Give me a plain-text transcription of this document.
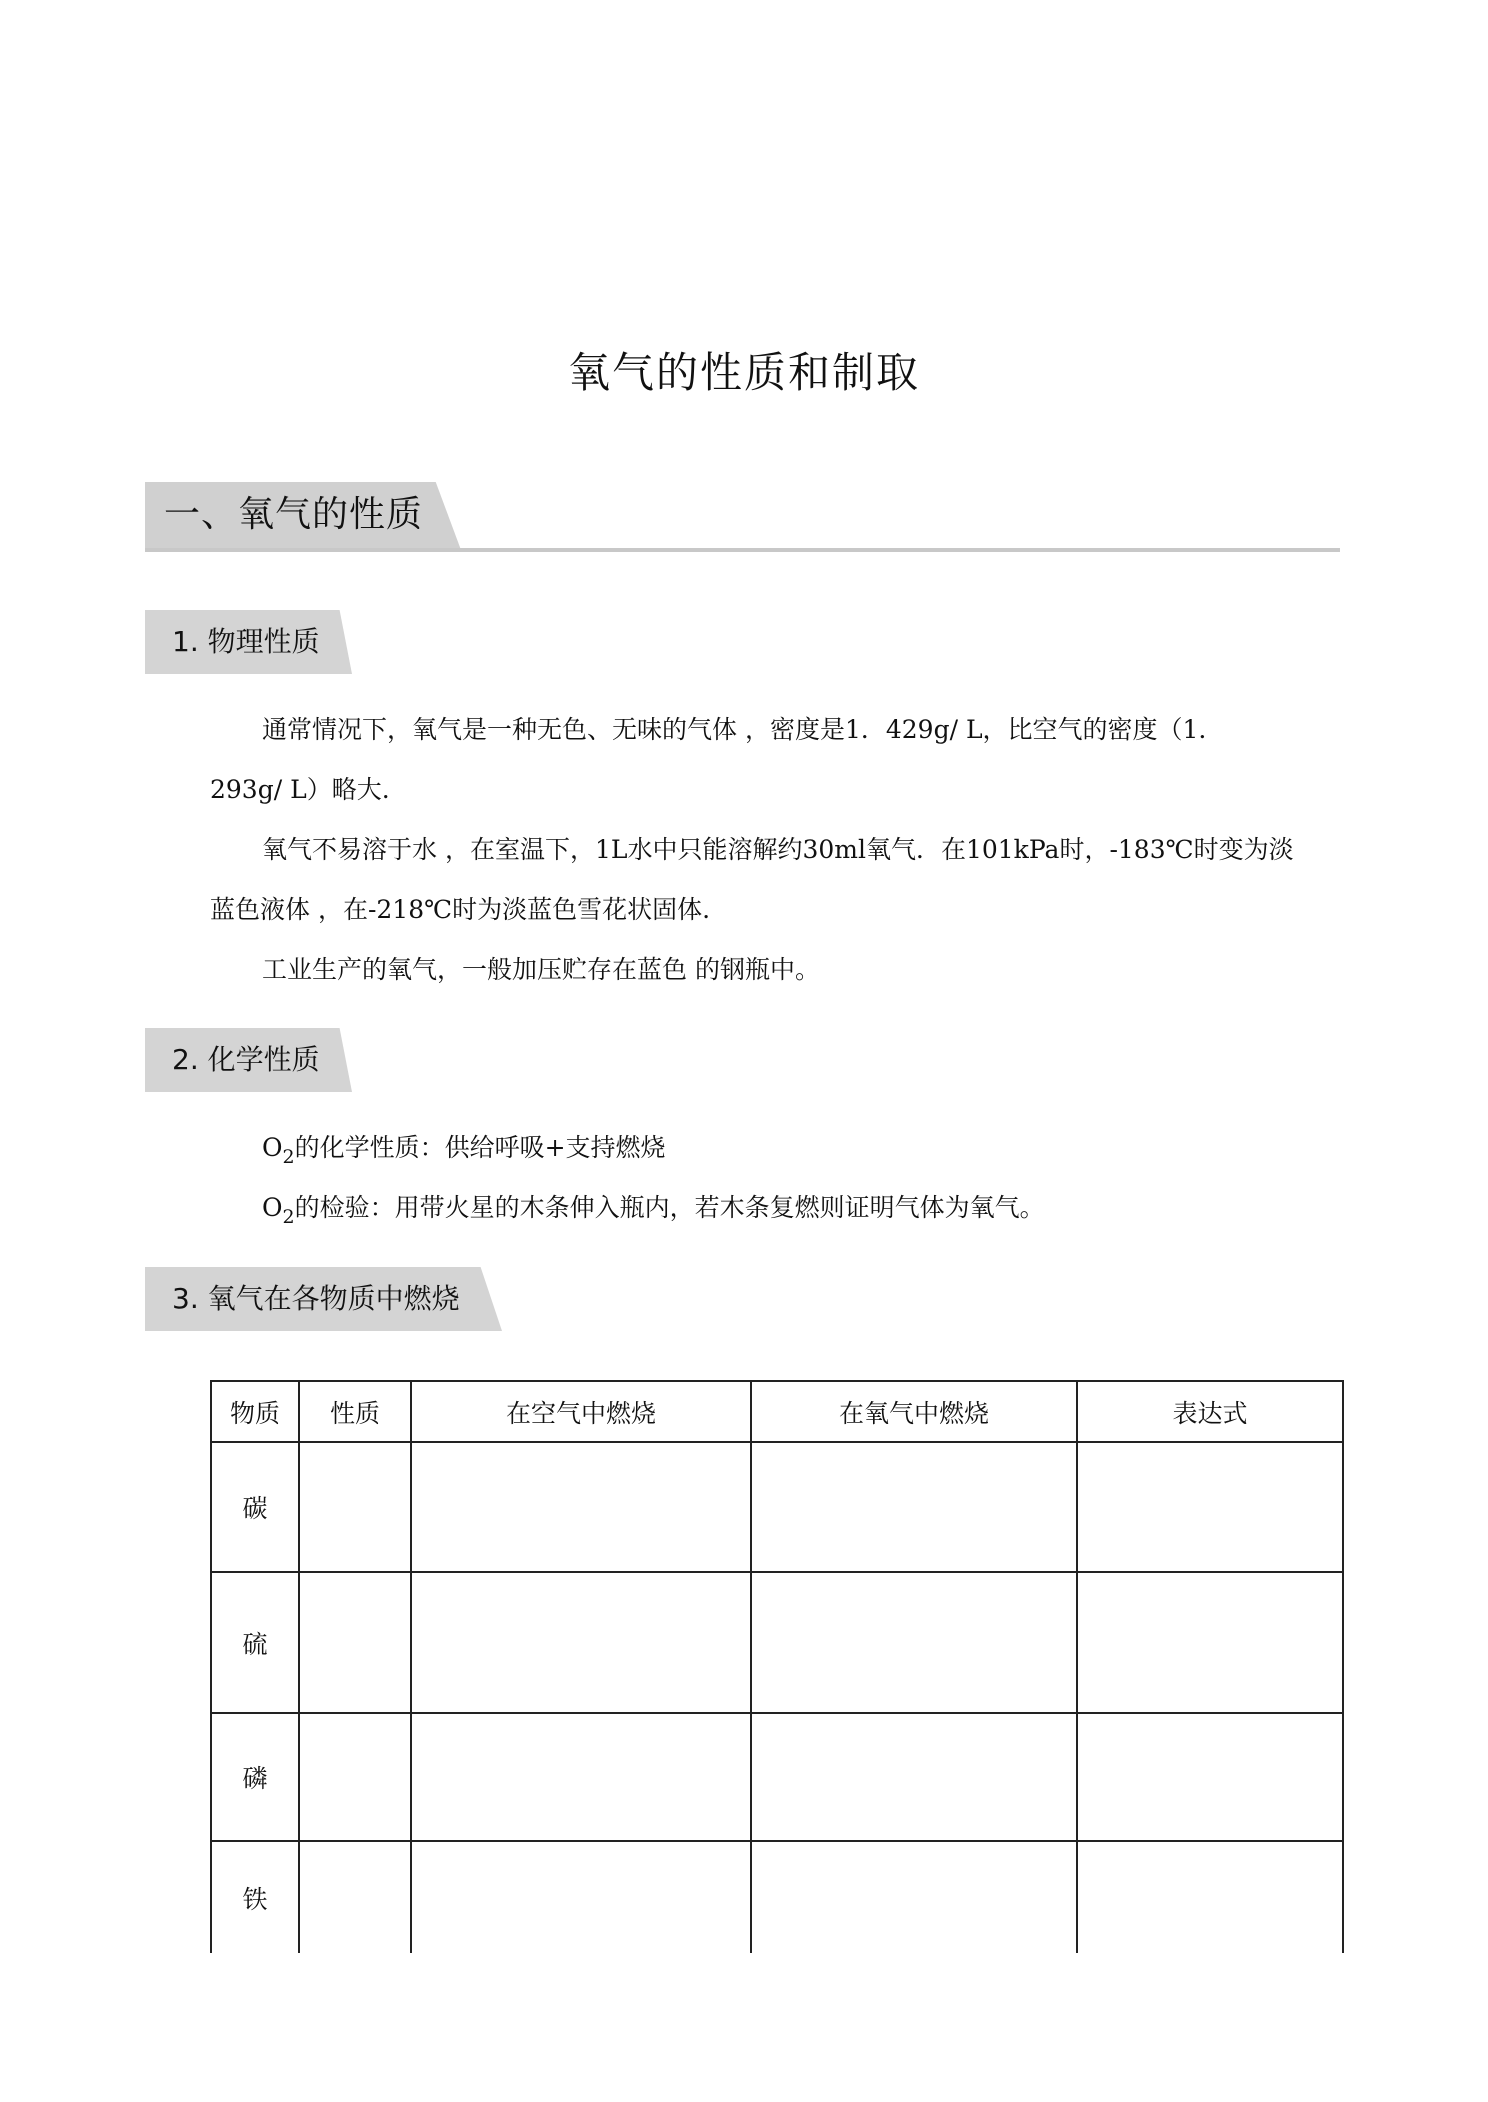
氧气的性质和制取
一、氧气的性质
1. 物理性质
通常情况下，氧气是一种无色、无味的气体 ，密度是1．429g/ L，比空气的密度（1．
293g/ L）略大.
氧气不易溶于水 ，在室温下，1L水中只能溶解约30ml氧气．在101kPa时，-183℃时变为淡
蓝色液体 ，在-218℃时为淡蓝色雪花状固体.
工业生产的氧气，一般加压贮存在蓝色 的钢瓶中。
2. 化学性质
$O_2$的化学性质：供给呼吸+支持燃烧
$O_2$的检验：用带火星的木条伸入瓶内，若木条复燃则证明气体为氧气。
3. 氧气在各物质中燃烧
物质	性质	在空气中燃烧	在氧气中燃烧	表达式
碳				
硫				
磷				
铁				
